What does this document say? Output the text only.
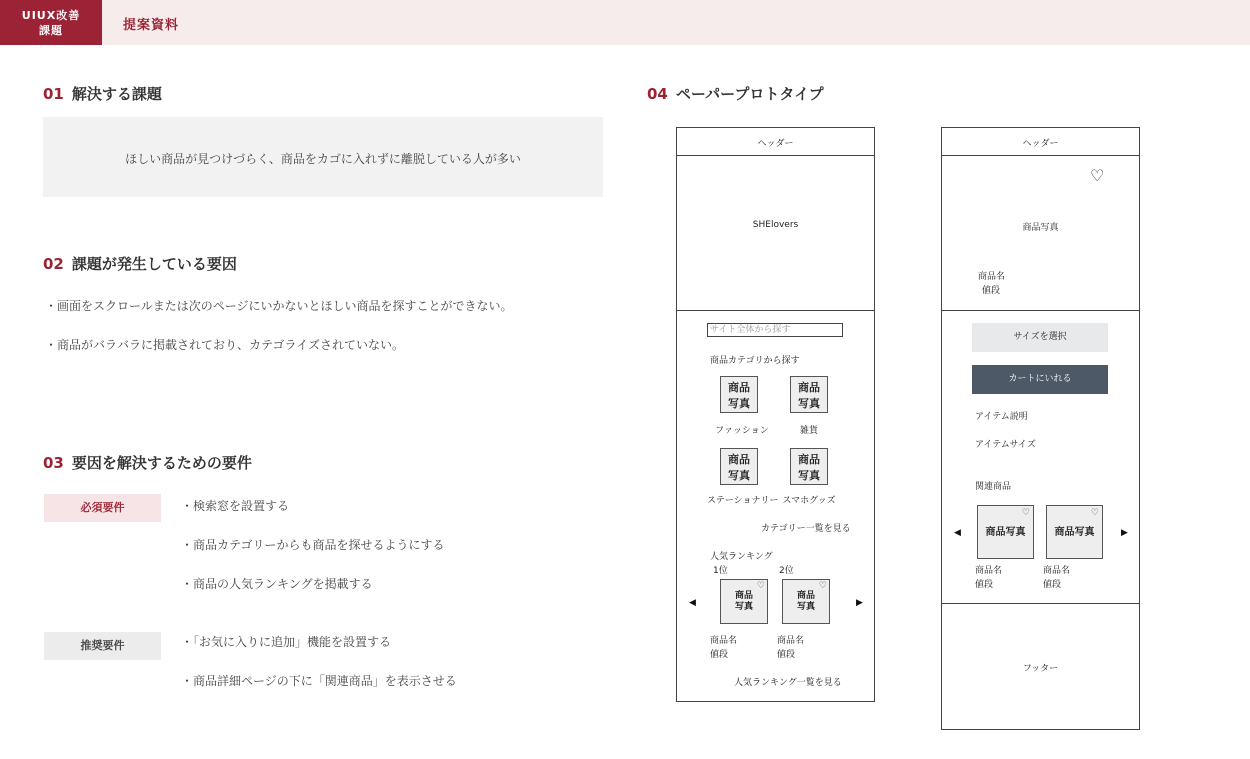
UIUX改善
課題	提案資料
01 解決する課題
ほしい商品が見つけづらく、商品をカゴに入れずに離脱している人が多い
02 課題が発生している要因
・画面をスクロールまたは次のページにいかないとほしい商品を探すことができない。
・商品がバラバラに掲載されており、カテゴライズされていない。
03 要因を解決するための要件
必須要件	・検索窓を設置する
・商品カテゴリーからも商品を探せるようにする
・商品の人気ランキングを掲載する
推奨要件	・「お気に入りに追加」機能を設置する
・商品詳細ページの下に「関連商品」を表示させる
04 ペーパープロトタイプ
ヘッダー
SHElovers
サイト全体から探す
商品カテゴリから探す
商品
写真
商品
写真
ファッション	雑貨
商品
写真
商品
写真
ステーショナリー スマホグッズ
カテゴリー一覧を見る
人気ランキング
1位	2位
◀
商品
写真
♡
商品
写真
♡
▶
商品名
値段
商品名
値段
人気ランキング一覧を見る
ヘッダー
♡
商品写真
商品名
値段
サイズを選択
カートにいれる
アイテム説明
アイテムサイズ
関連商品
◀	商品写真
♡
商品写真
♡
▶
商品名
値段
商品名
値段
フッター
